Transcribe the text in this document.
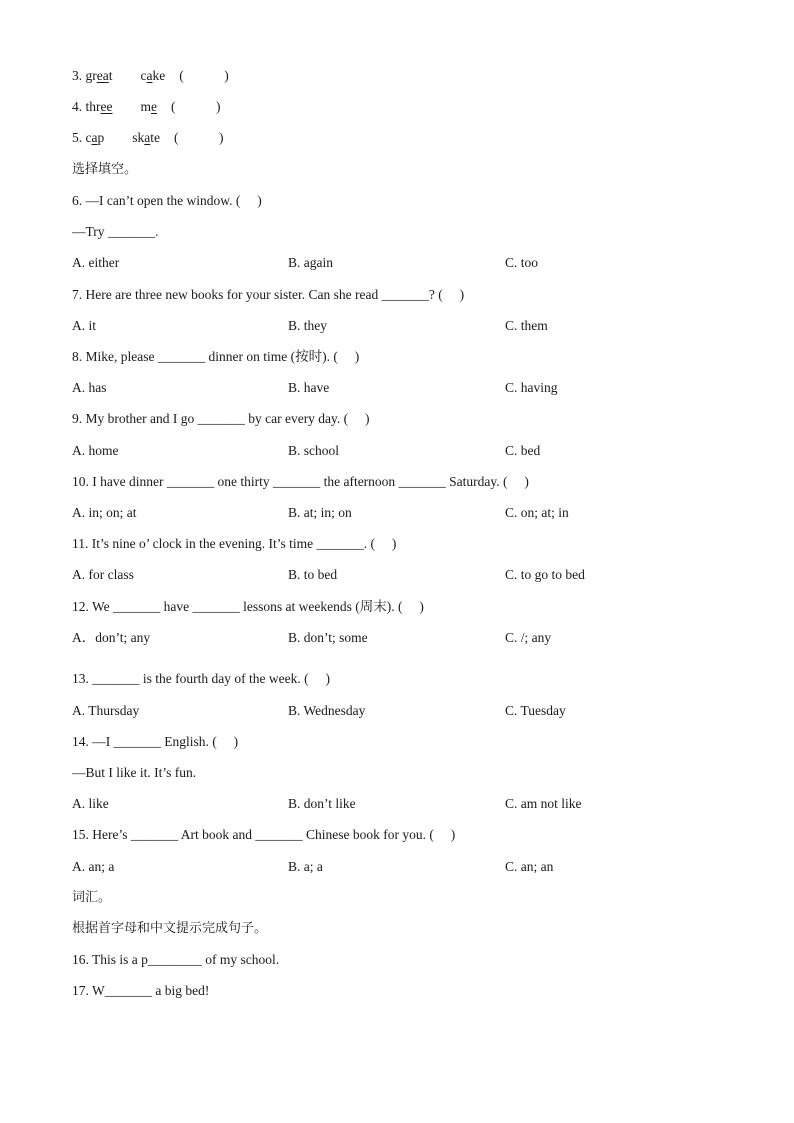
3. great cake (　　　)
4. three me (　　　)
5. cap skate (　　　)
选择填空。
6. —I can’t open the window. (　 )
—Try _______.
A. either	B. again	C. too
7. Here are three new books for your sister. Can she read _______? (　 )
A. it	B. they	C. them
8. Mike, please _______ dinner on time (按时). (　 )
A. has	B. have	C. having
9. My brother and I go _______ by car every day. (　 )
A. home	B. school	C. bed
10. I have dinner _______ one thirty _______ the afternoon _______ Saturday. (　 )
A. in; on; at	B. at; in; on	C. on; at; in
11. It’s nine o’ clock in the evening. It’s time _______. (　 )
A. for class	B. to bed	C. to go to bed
12. We _______ have _______ lessons at weekends (周末). (　 )
A．don’t; any	B. don’t; some	C. /; any
13. _______ is the fourth day of the week. (　 )
A. Thursday	B. Wednesday	C. Tuesday
14. —I _______ English. (　 )
—But I like it. It’s fun.
A. like	B. don’t like	C. am not like
15. Here’s _______ Art book and _______ Chinese book for you. (　 )
A. an; a	B. a; a	C. an; an
词汇。
根据首字母和中文提示完成句子。
16. This is a p________ of my school.
17. W_______ a big bed!
